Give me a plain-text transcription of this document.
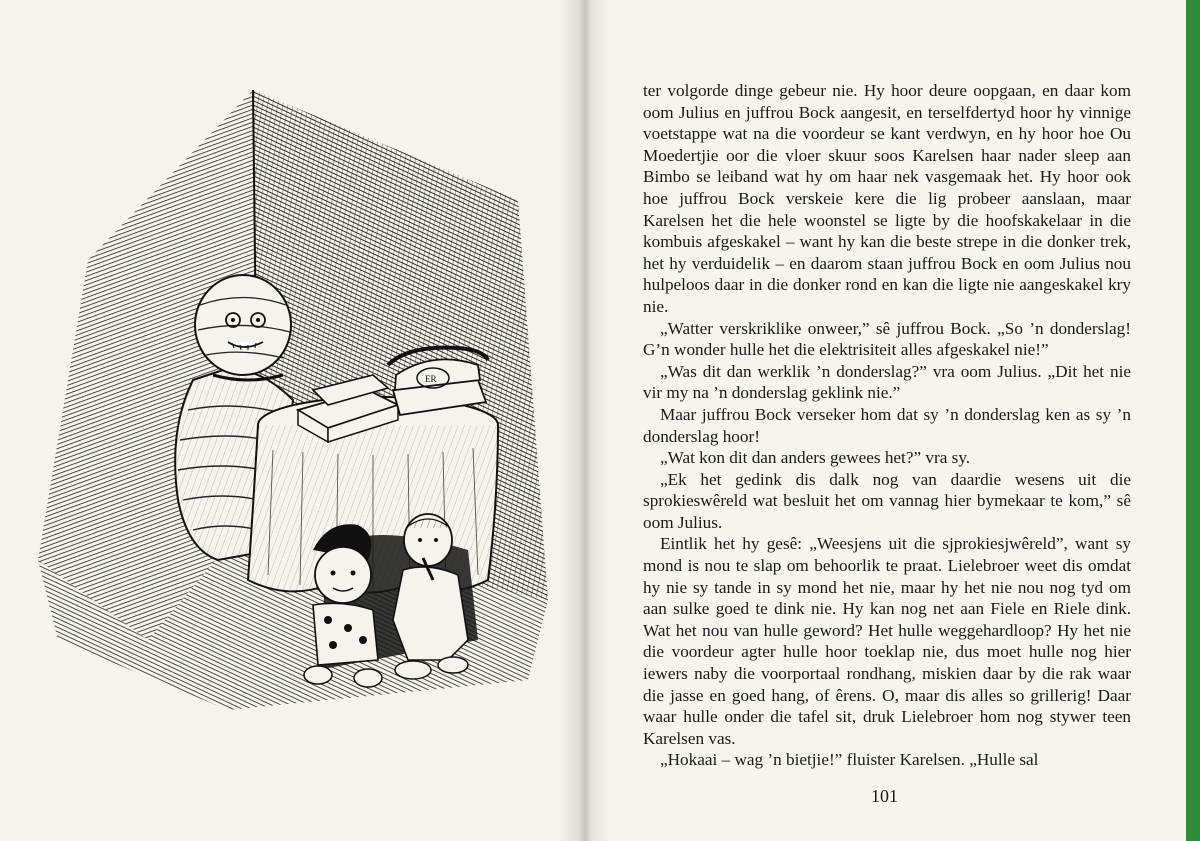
ER

ter volgorde dinge gebeur nie. Hy hoor deure oopgaan, en daar kom oom Julius en juffrou Bock aangesit, en terselfdertyd hoor hy vinnige voetstappe wat na die voordeur se kant verdwyn, en hy hoor hoe Ou Moedertjie oor die vloer skuur soos Karelsen haar nader sleep aan Bimbo se leiband wat hy om haar nek vasgemaak het. Hy hoor ook hoe juffrou Bock verskeie kere die lig probeer aanslaan, maar Karelsen het die hele woonstel se ligte by die hoofskakelaar in die kombuis afgeskakel – want hy kan die beste strepe in die donker trek, het hy verduidelik – en daarom staan juffrou Bock en oom Julius nou hulpeloos daar in die donker rond en kan die ligte nie aangeskakel kry nie.

„Watter verskriklike onweer,” sê juffrou Bock. „So ’n donderslag! G’n wonder hulle het die elektrisiteit alles afgeskakel nie!”

„Was dit dan werklik ’n donderslag?” vra oom Julius. „Dit het nie vir my na ’n donderslag geklink nie.”

Maar juffrou Bock verseker hom dat sy ’n donderslag ken as sy ’n donderslag hoor!

„Wat kon dit dan anders gewees het?” vra sy.

„Ek het gedink dis dalk nog van daardie wesens uit die sprokieswêreld wat besluit het om vannag hier bymekaar te kom,” sê oom Julius.

Eintlik het hy gesê: „Weesjens uit die sjprokiesjwêreld”, want sy mond is nou te slap om behoorlik te praat. Lielebroer weet dis omdat hy nie sy tande in sy mond het nie, maar hy het nie nou nog tyd om aan sulke goed te dink nie. Hy kan nog net aan Fiele en Riele dink. Wat het nou van hulle geword? Het hulle weggehardloop? Hy het nie die voordeur agter hulle hoor toeklap nie, dus moet hulle nog hier iewers naby die voorportaal rondhang, miskien daar by die rak waar die jasse en goed hang, of êrens. O, maar dis alles so grillerig! Daar waar hulle onder die tafel sit, druk Lielebroer hom nog stywer teen Karelsen vas.

„Hokaai – wag ’n bietjie!” fluister Karelsen. „Hulle sal

101
